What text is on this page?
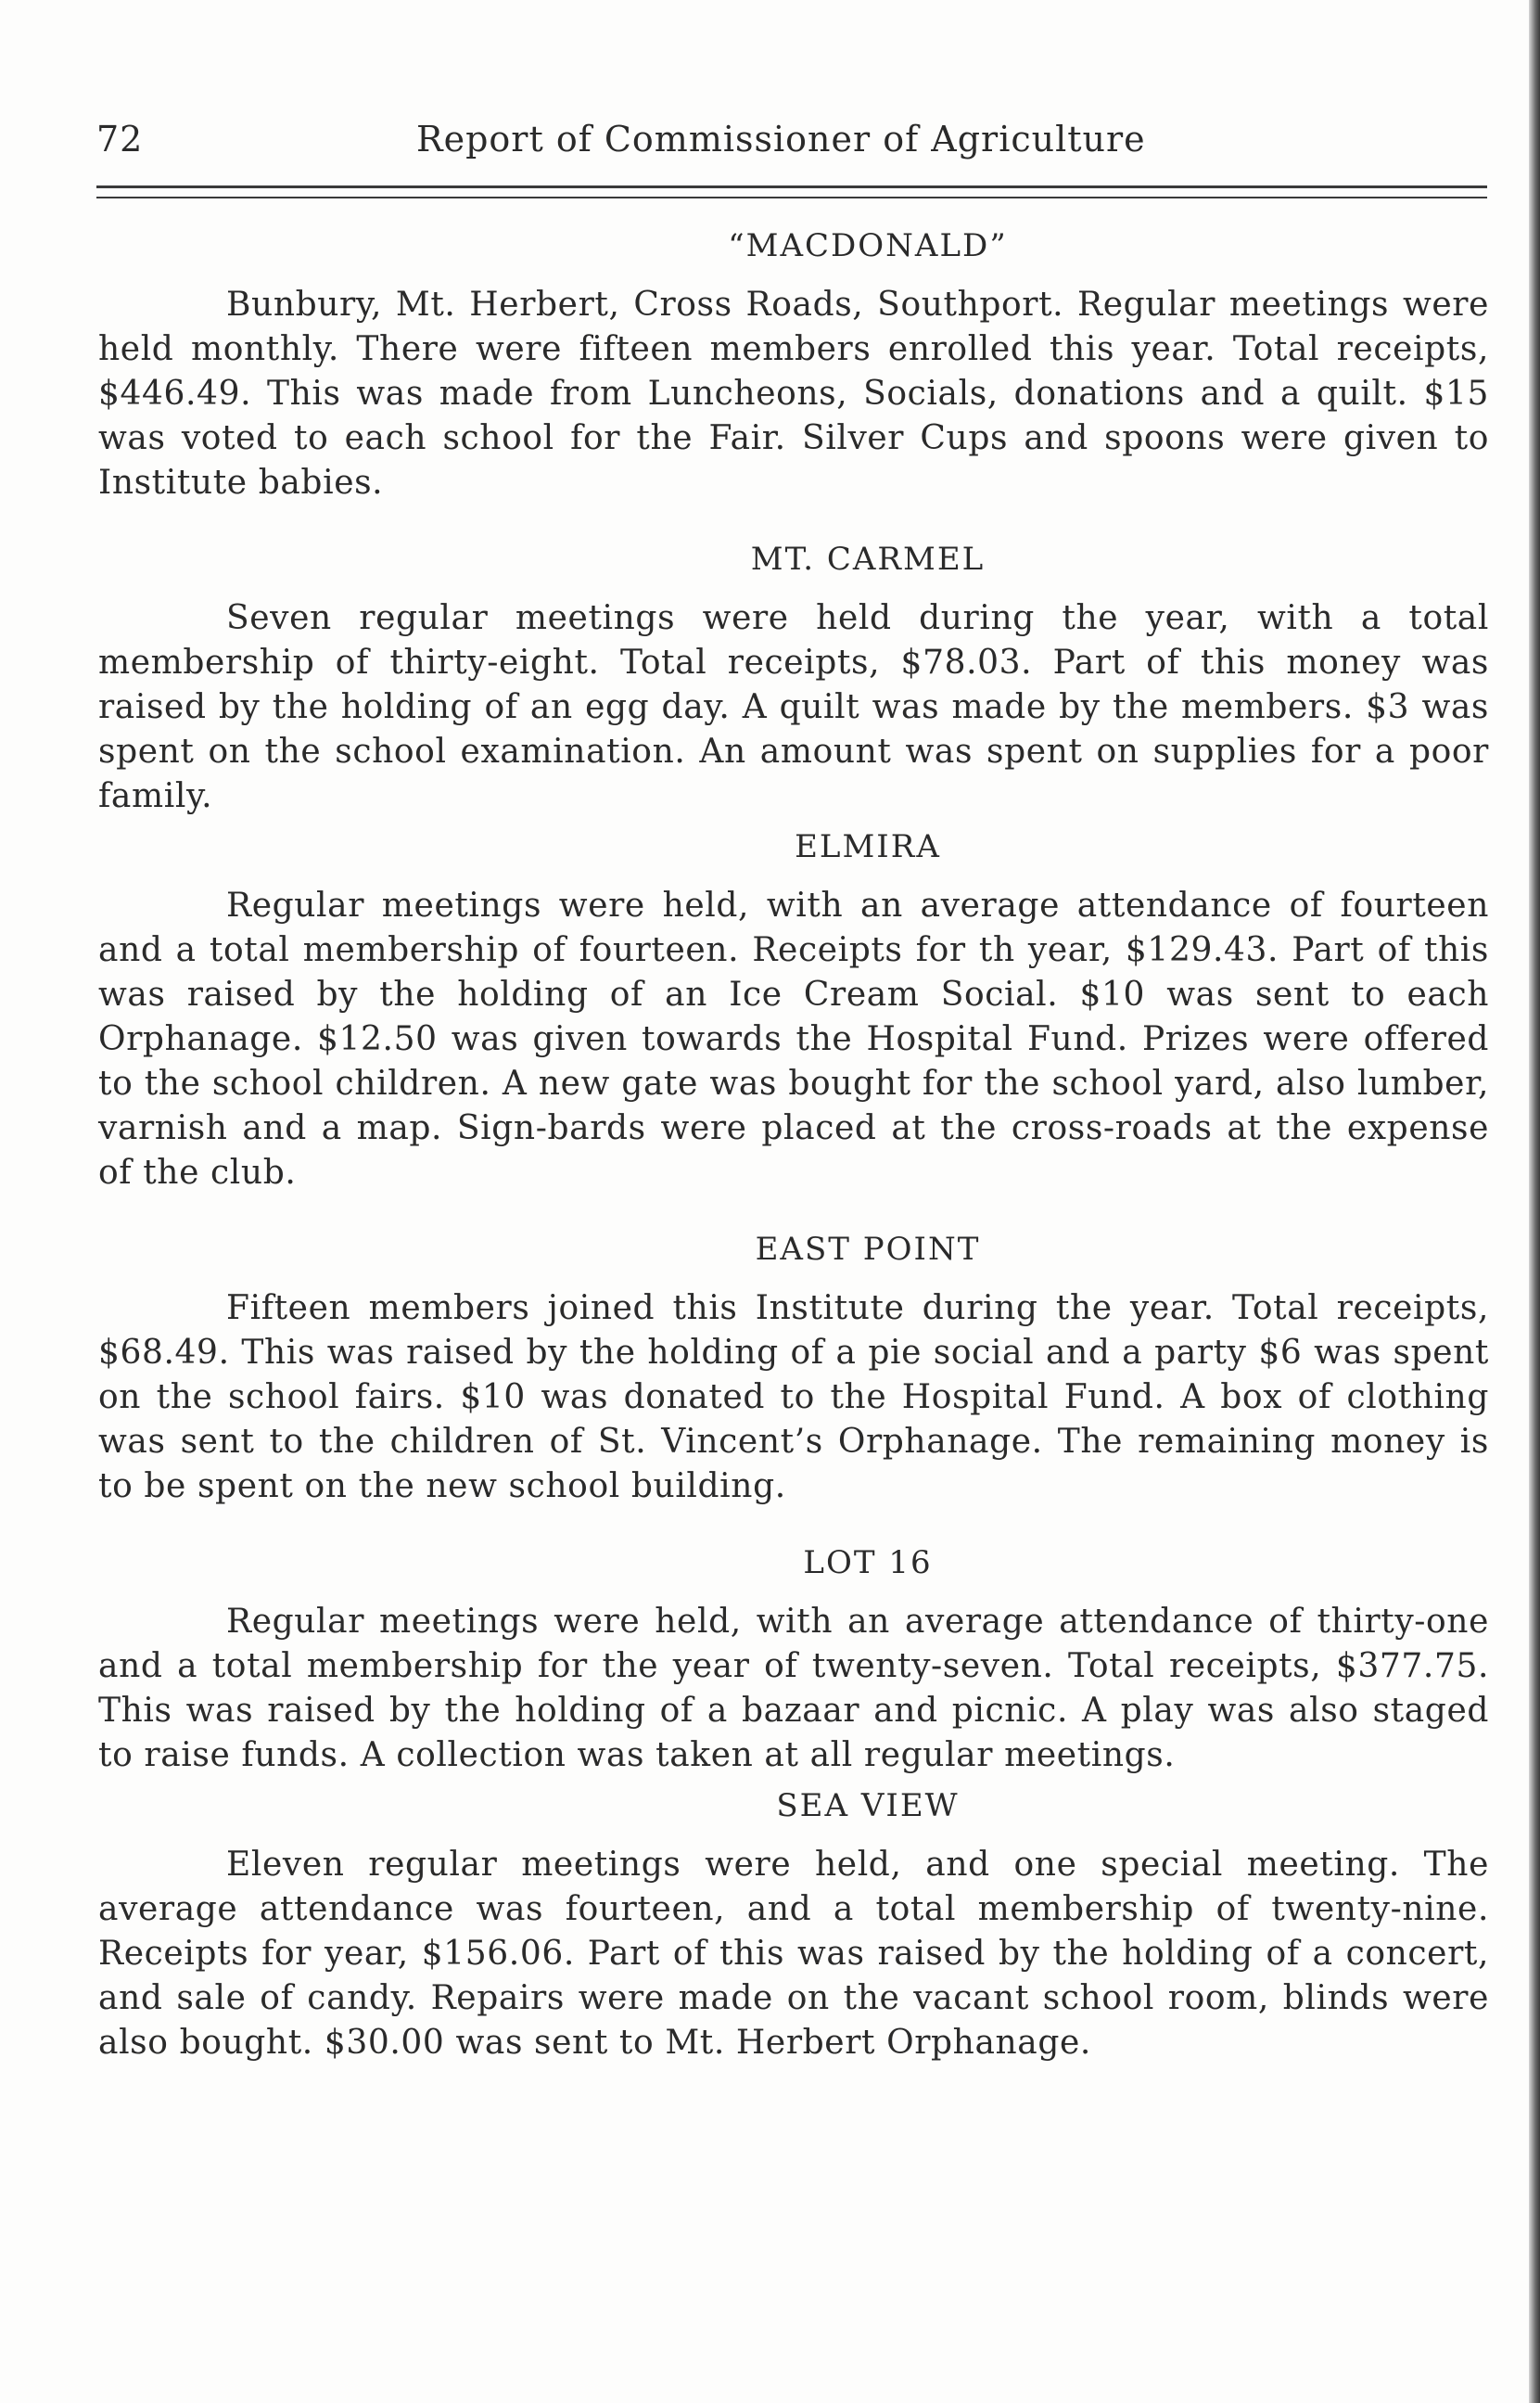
72	Report of Commissioner of Agriculture
“MACDONALD”

Bunbury, Mt. Herbert, Cross Roads, Southport. Regular meetings were held monthly. There were fifteen members enrolled this year. Total receipts, $446.49. This was made from Luncheons, Socials, donations and a quilt. $15 was voted to each school for the Fair. Silver Cups and spoons were given to Institute babies.

MT. CARMEL

Seven regular meetings were held during the year, with a total membership of thirty-eight. Total receipts, $78.03. Part of this money was raised by the holding of an egg day. A quilt was made by the members. $3 was spent on the school examination. An amount was spent on supplies for a poor family.

ELMIRA

Regular meetings were held, with an average attendance of fourteen and a total membership of fourteen. Receipts for th year, $129.43. Part of this was raised by the holding of an Ice Cream Social. $10 was sent to each Orphanage. $12.50 was given towards the Hospital Fund. Prizes were offered to the school children. A new gate was bought for the school yard, also lumber, varnish and a map. Sign-bards were placed at the cross-roads at the expense of the club.

EAST POINT

Fifteen members joined this Institute during the year. Total receipts, $68.49. This was raised by the holding of a pie social and a party $6 was spent on the school fairs. $10 was donated to the Hospital Fund. A box of clothing was sent to the children of St. Vincent’s Orphanage. The remaining money is to be spent on the new school building.

LOT 16

Regular meetings were held, with an average attendance of thirty-one and a total membership for the year of twenty-seven. Total receipts, $377.75. This was raised by the holding of a bazaar and picnic. A play was also staged to raise funds. A collection was taken at all regular meetings.

SEA VIEW

Eleven regular meetings were held, and one special meeting. The average attendance was fourteen, and a total membership of twenty-nine. Receipts for year, $156.06. Part of this was raised by the holding of a concert, and sale of candy. Repairs were made on the vacant school room, blinds were also bought. $30.00 was sent to Mt. Herbert Orphanage.
